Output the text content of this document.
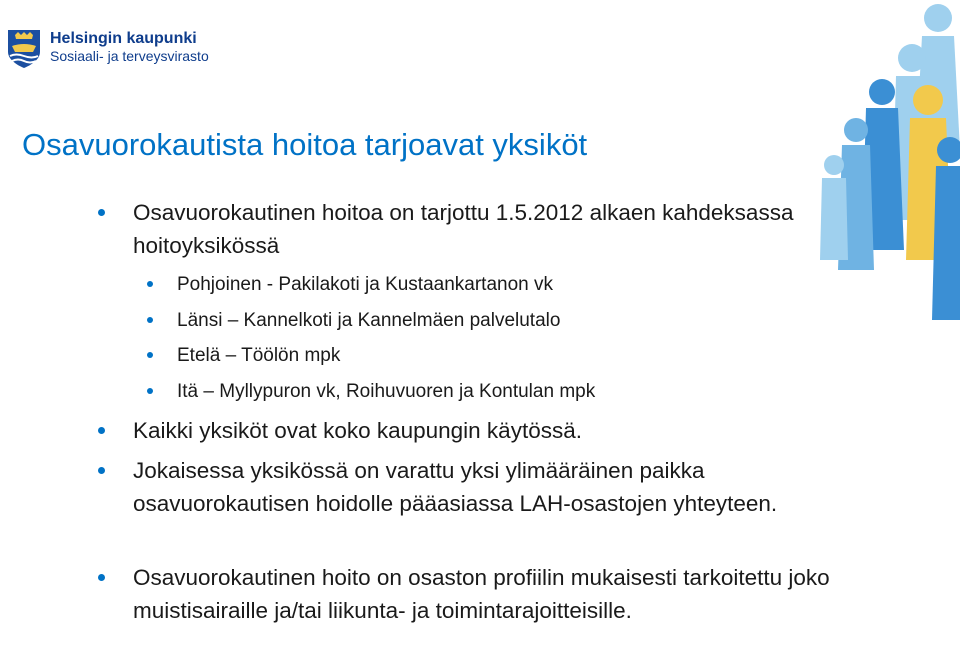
Helsingin kaupunki
Sosiaali- ja terveysvirasto
Osavuorokautista hoitoa tarjoavat yksiköt
Osavuorokautinen hoitoa on tarjottu 1.5.2012 alkaen kahdeksassa hoitoyksikössä
Pohjoinen - Pakilakoti ja Kustaankartanon vk
Länsi – Kannelkoti ja Kannelmäen palvelutalo
Etelä – Töölön mpk
Itä – Myllypuron vk, Roihuvuoren ja Kontulan mpk
Kaikki yksiköt ovat koko kaupungin käytössä.
Jokaisessa yksikössä on varattu yksi ylimääräinen paikka osavuorokautisen hoidolle pääasiassa LAH-osastojen yhteyteen.
Osavuorokautinen hoito on osaston profiilin mukaisesti tarkoitettu joko muistisairaille ja/tai liikunta- ja toimintarajoitteisille.
